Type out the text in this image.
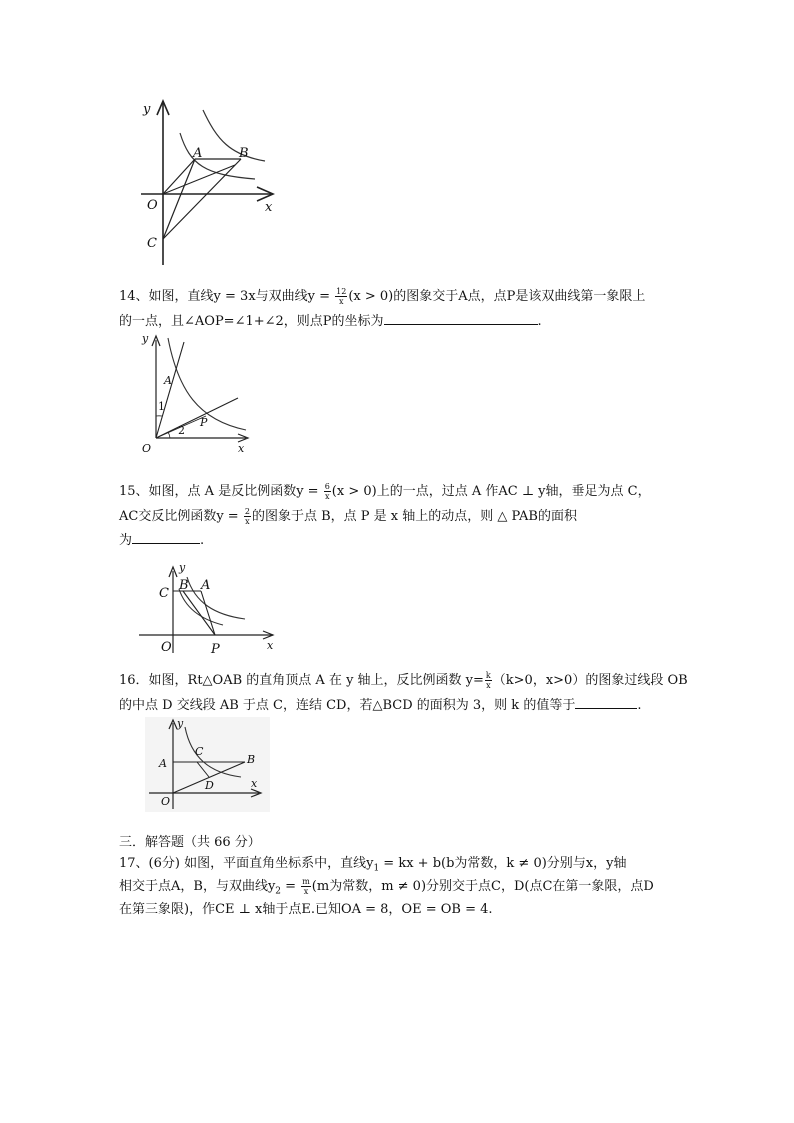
y
A	B
O
C
x
14、如图，直线y = 3x与双曲线$y = \frac{12}{x} (x > 0)$的图象交于A点，点P是该双曲线第一象限上
的一点，且∠AOP=∠1+∠2，则点P的坐标为	.
y
A
1
2
P
O	x
15、如图，点 A 是反比例函数$y = \frac{6}{x} (x > 0)$上的一点，过点 A 作AC ⊥ y轴，垂足为点 C，
AC交反比例函数$y = \frac{2}{x}$ 的图象于点 B，点 P 是 x 轴上的动点，则 △ PAB的面积
为	.
y
B A
C
O	P	x
16．如图，Rt△OAB 的直角顶点 A 在 y 轴上，反比例函数 $y= \frac{k}{x} (k>0$，x>0）的图象过线段 OB
的中点 D 交线段 AB 于点 C，连结 CD，若△BCD 的面积为 3，则 k 的值等于	.
y
C
A	B
x
D
O
三．解答题（共 66 分）
17、(6分) 如图，平面直角坐标系中，直线$y_1$ = kx + b(b为常数，k ≠ 0)分别与x，y轴
相交于点A，B，与双曲线$y_2 = \frac{m}{x} (m$为常数，m ≠ 0)分别交于点C，D(点C在第一象限，点D
在第三象限)，作CE ⊥ x轴于点E.已知OA = 8，OE = OB = 4.
